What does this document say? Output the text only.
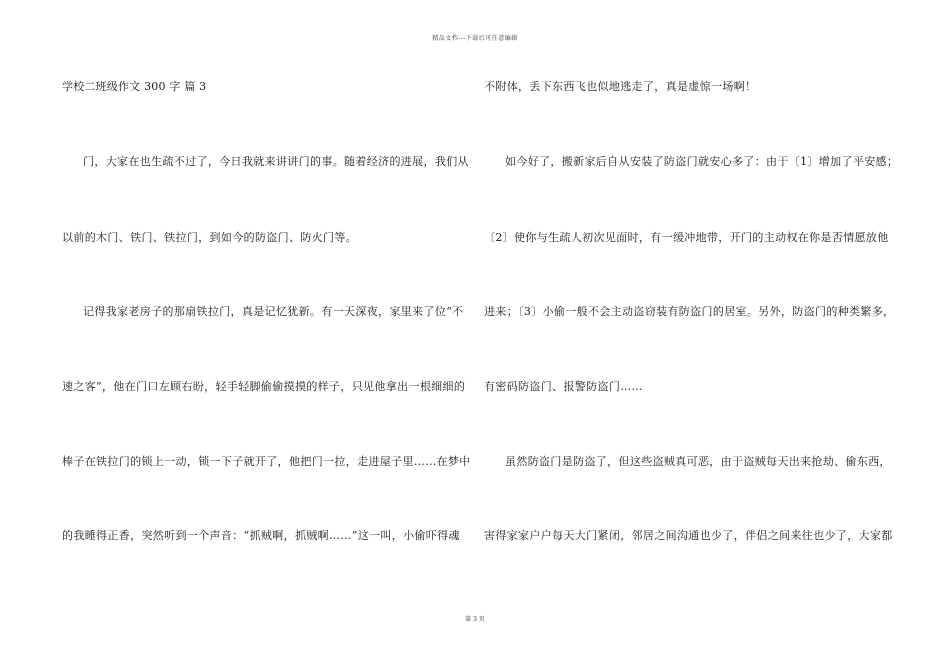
精品文档---下载后可任意编辑
学校二班级作文 300 字 篇 3
门，大家在也生疏不过了，今日我就来讲讲门的事。随着经济的进展，我们从
以前的木门、铁门、铁拉门，到如今的防盗门、防火门等。
记得我家老房子的那扇铁拉门，真是记忆犹新。有一天深夜，家里来了位“不
速之客”，他在门口左顾右盼，轻手轻脚偷偷摸摸的样子，只见他拿出一根细细的
棒子在铁拉门的锁上一动，锁一下子就开了，他把门一拉，走进屋子里……在梦中
的我睡得正香，突然听到一个声音：“抓贼啊，抓贼啊……”这一叫，小偷吓得魂
不附体，丢下东西飞也似地逃走了，真是虚惊一场啊！
如今好了，搬新家后自从安装了防盗门就安心多了：由于〔1〕增加了平安感；
〔2〕使你与生疏人初次见面时，有一缓冲地带，开门的主动权在你是否情愿放他
进来；〔3〕小偷一般不会主动盗窃装有防盗门的居室。另外，防盗门的种类繁多，
有密码防盗门、报警防盗门……
虽然防盗门是防盗了，但这些盗贼真可恶，由于盗贼每天出来抢劫、偷东西，
害得家家户户每天大门紧闭，邻居之间沟通也少了，伴侣之间来往也少了，大家都
第 3 页
